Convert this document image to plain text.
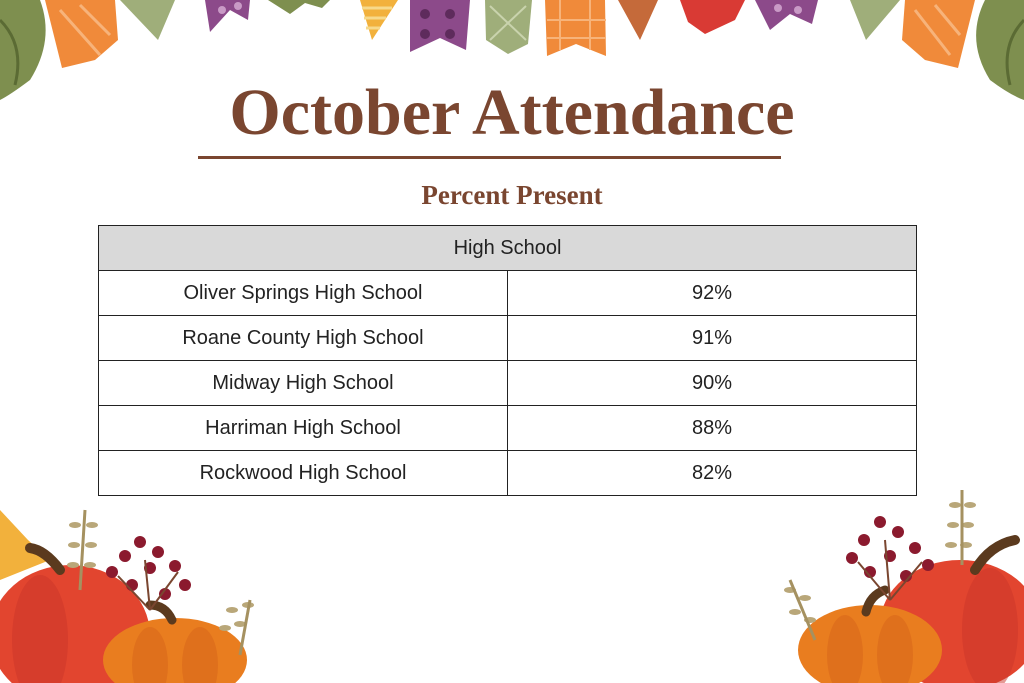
October Attendance
Percent Present
High School	
Oliver Springs High School	92%
Roane County High School	91%
Midway High School	90%
Harriman High School	88%
Rockwood High School	82%
